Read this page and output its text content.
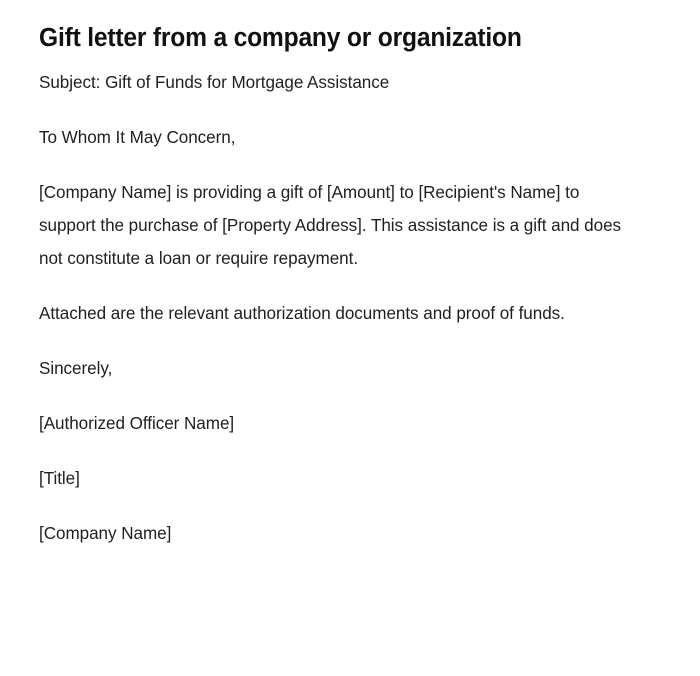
Gift letter from a company or organization

Subject: Gift of Funds for Mortgage Assistance

To Whom It May Concern,

[Company Name] is providing a gift of [Amount] to [Recipient's Name] to support the purchase of [Property Address]. This assistance is a gift and does not constitute a loan or require repayment.

Attached are the relevant authorization documents and proof of funds.

Sincerely,

[Authorized Officer Name]

[Title]

[Company Name]
